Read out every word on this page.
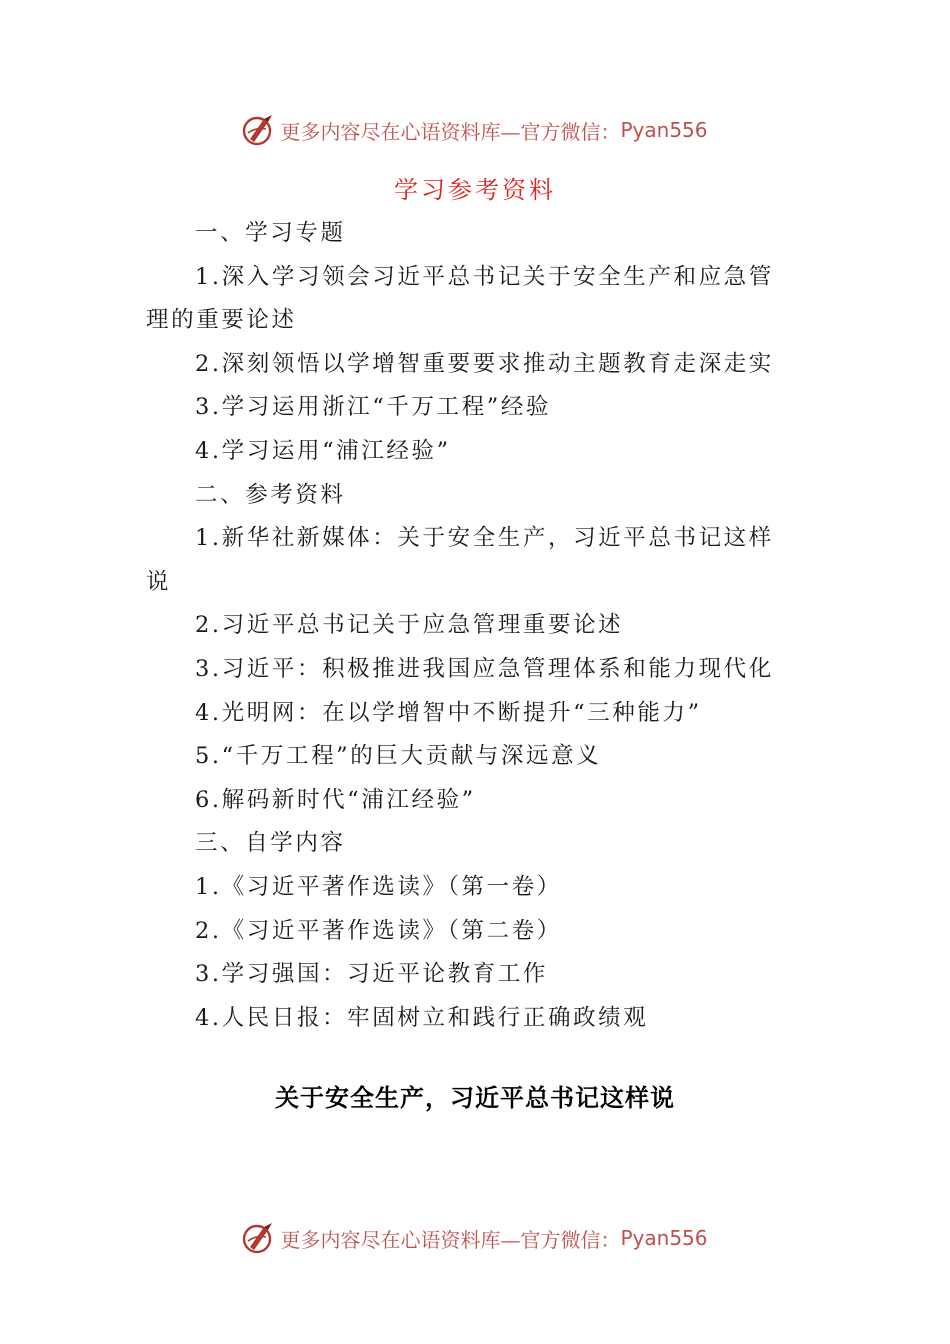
更多内容尽在心语资料库—官方微信： Pyan556
学习参考资料
一、学习专题
1.深入学习领会习近平总书记关于安全生产和应急管
理的重要论述
2.深刻领悟以学增智重要要求推动主题教育走深走实
3.学习运用浙江“千万工程”经验
4.学习运用“浦江经验”
二、参考资料
1.新华社新媒体：关于安全生产，习近平总书记这样
说
2.习近平总书记关于应急管理重要论述
3.习近平：积极推进我国应急管理体系和能力现代化
4.光明网：在以学增智中不断提升“三种能力”
5.“千万工程”的巨大贡献与深远意义
6.解码新时代“浦江经验”
三、自学内容
1.《习近平著作选读》（第一卷）
2.《习近平著作选读》（第二卷）
3.学习强国：习近平论教育工作
4.人民日报：牢固树立和践行正确政绩观
关于安全生产，习近平总书记这样说
更多内容尽在心语资料库—官方微信： Pyan556
